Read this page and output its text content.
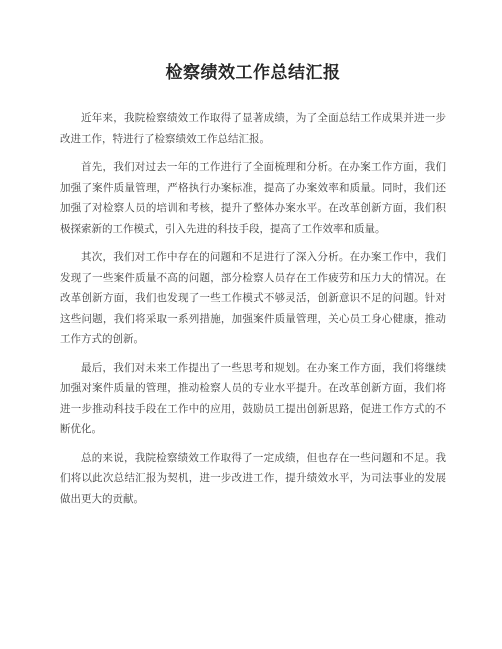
检察绩效工作总结汇报

近年来，我院检察绩效工作取得了显著成绩，为了全面总结工作成果并进一步改进工作，特进行了检察绩效工作总结汇报。

首先，我们对过去一年的工作进行了全面梳理和分析。在办案工作方面，我们加强了案件质量管理，严格执行办案标准，提高了办案效率和质量。同时，我们还加强了对检察人员的培训和考核，提升了整体办案水平。在改革创新方面，我们积极探索新的工作模式，引入先进的科技手段，提高了工作效率和质量。

其次，我们对工作中存在的问题和不足进行了深入分析。在办案工作中，我们发现了一些案件质量不高的问题，部分检察人员存在工作疲劳和压力大的情况。在改革创新方面，我们也发现了一些工作模式不够灵活，创新意识不足的问题。针对这些问题，我们将采取一系列措施，加强案件质量管理，关心员工身心健康，推动工作方式的创新。

最后，我们对未来工作提出了一些思考和规划。在办案工作方面，我们将继续加强对案件质量的管理，推动检察人员的专业水平提升。在改革创新方面，我们将进一步推动科技手段在工作中的应用，鼓励员工提出创新思路，促进工作方式的不断优化。

总的来说，我院检察绩效工作取得了一定成绩，但也存在一些问题和不足。我们将以此次总结汇报为契机，进一步改进工作，提升绩效水平，为司法事业的发展做出更大的贡献。
